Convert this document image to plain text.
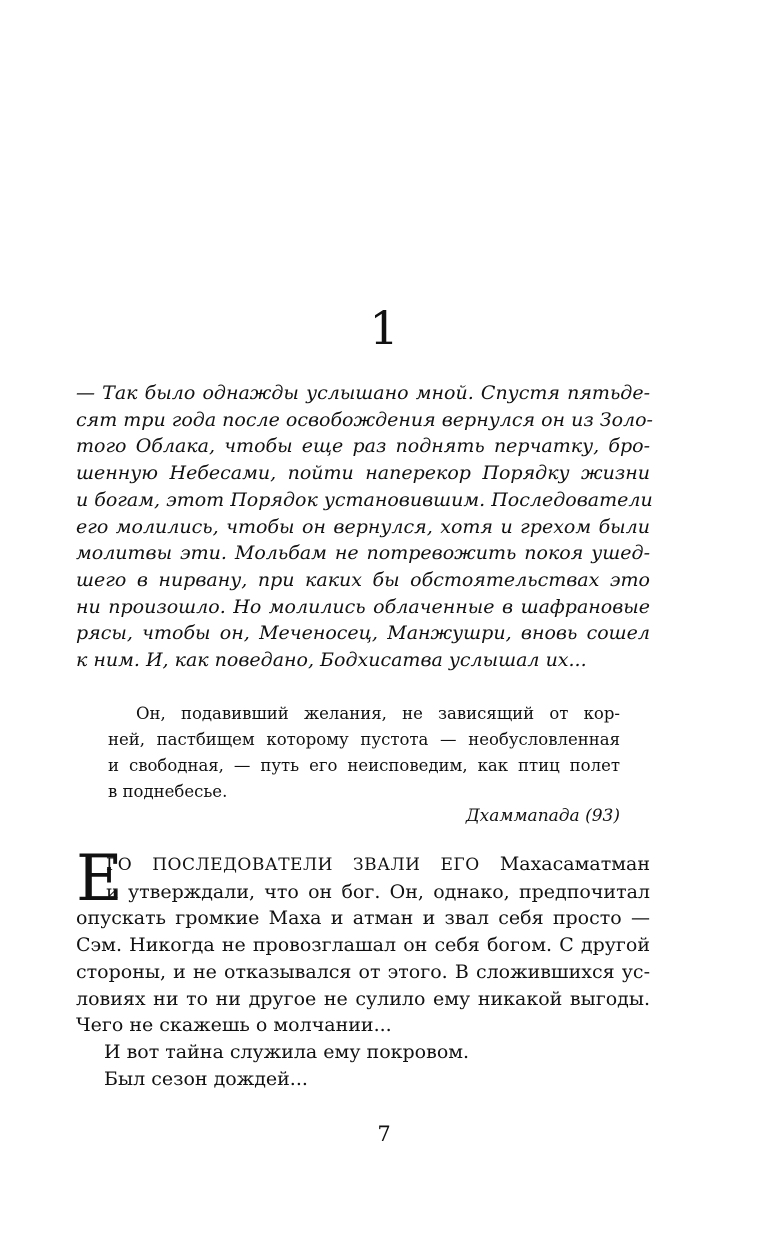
1
— Так было однажды услышано мной. Спустя пятьде-
сят три года после освобождения вернулся он из Золо-
того Облака, чтобы еще раз поднять перчатку, бро-
шенную Небесами, пойти наперекор Порядку жизни
и богам, этот Порядок установившим. Последователи
его молились, чтобы он вернулся, хотя и грехом были
молитвы эти. Мольбам не потревожить покоя ушед-
шего в нирвану, при каких бы обстоятельствах это
ни произошло. Но молились облаченные в шафрановые
рясы, чтобы он, Меченосец, Манжушри, вновь сошел
к ним. И, как поведано, Бодхисатва услышал их...
Он, подавивший желания, не зависящий от кор-
ней, пастбищем которому пустота — необусловленная
и свободная, — путь его неисповедим, как птиц полет
в поднебесье.
Дхаммапада (93)
Е
ГО ПОСЛЕДОВАТЕЛИ ЗВАЛИ ЕГО Махасаматман
и утверждали, что он бог. Он, однако, предпочитал
опускать громкие Маха и атман и звал себя просто —
Сэм. Никогда не провозглашал он себя богом. С другой
стороны, и не отказывался от этого. В сложившихся ус-
ловиях ни то ни другое не сулило ему никакой выгоды.
Чего не скажешь о молчании...
И вот тайна служила ему покровом.
Был сезон дождей...
7
